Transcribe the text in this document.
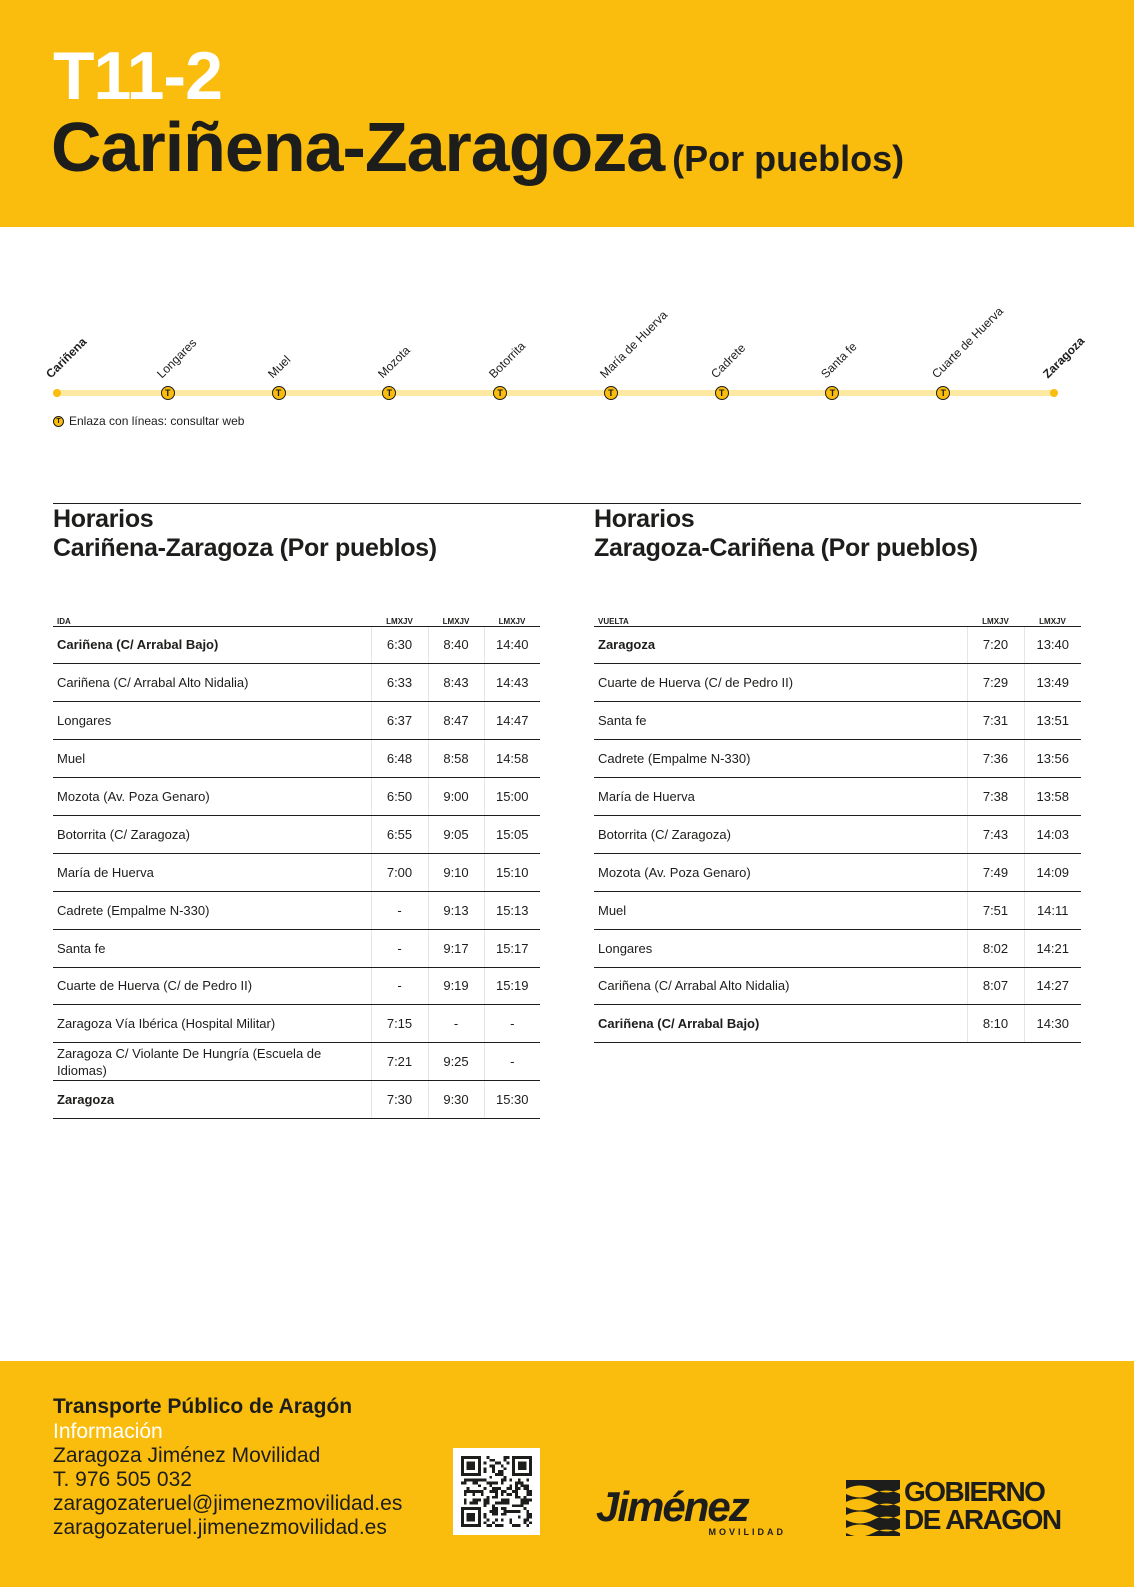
T11-2
Cariñena-Zaragoza (Por pueblos)
Cariñena
T
Longares
T
Muel
T
Mozota
T
Botorrita
T
María de Huerva
T
Cadrete
T
Santa fe
T
Cuarte de Huerva	Zaragoza
T Enlaza con líneas: consultar web
Horarios
Cariñena-Zaragoza (Por pueblos)
IDA	LMXJV	LMXJV	LMXJV
Cariñena (C/ Arrabal Bajo)	6:30	8:40	14:40
Cariñena (C/ Arrabal Alto Nidalia)	6:33	8:43	14:43
Longares	6:37	8:47	14:47
Muel	6:48	8:58	14:58
Mozota (Av. Poza Genaro)	6:50	9:00	15:00
Botorrita (C/ Zaragoza)	6:55	9:05	15:05
María de Huerva	7:00	9:10	15:10
Cadrete (Empalme N-330)	-	9:13	15:13
Santa fe	-	9:17	15:17
Cuarte de Huerva (C/ de Pedro II)	-	9:19	15:19
Zaragoza Vía Ibérica (Hospital Militar)	7:15	-	-
Zaragoza C/ Violante De Hungría (Escuela de Idiomas)	7:21	9:25	-
Zaragoza	7:30	9:30	15:30
Horarios
Zaragoza-Cariñena (Por pueblos)
VUELTA	LMXJV	LMXJV
Zaragoza	7:20	13:40
Cuarte de Huerva (C/ de Pedro II)	7:29	13:49
Santa fe	7:31	13:51
Cadrete (Empalme N-330)	7:36	13:56
María de Huerva	7:38	13:58
Botorrita (C/ Zaragoza)	7:43	14:03
Mozota (Av. Poza Genaro)	7:49	14:09
Muel	7:51	14:11
Longares	8:02	14:21
Cariñena (C/ Arrabal Alto Nidalia)	8:07	14:27
Cariñena (C/ Arrabal Bajo)	8:10	14:30
Transporte Público de Aragón
Información
Zaragoza Jiménez Movilidad
T. 976 505 032
zaragozateruel@jimenezmovilidad.es
zaragozateruel.jimenezmovilidad.es	Jiménez
MOVILIDAD
GOBIERNO
DE ARAGON
